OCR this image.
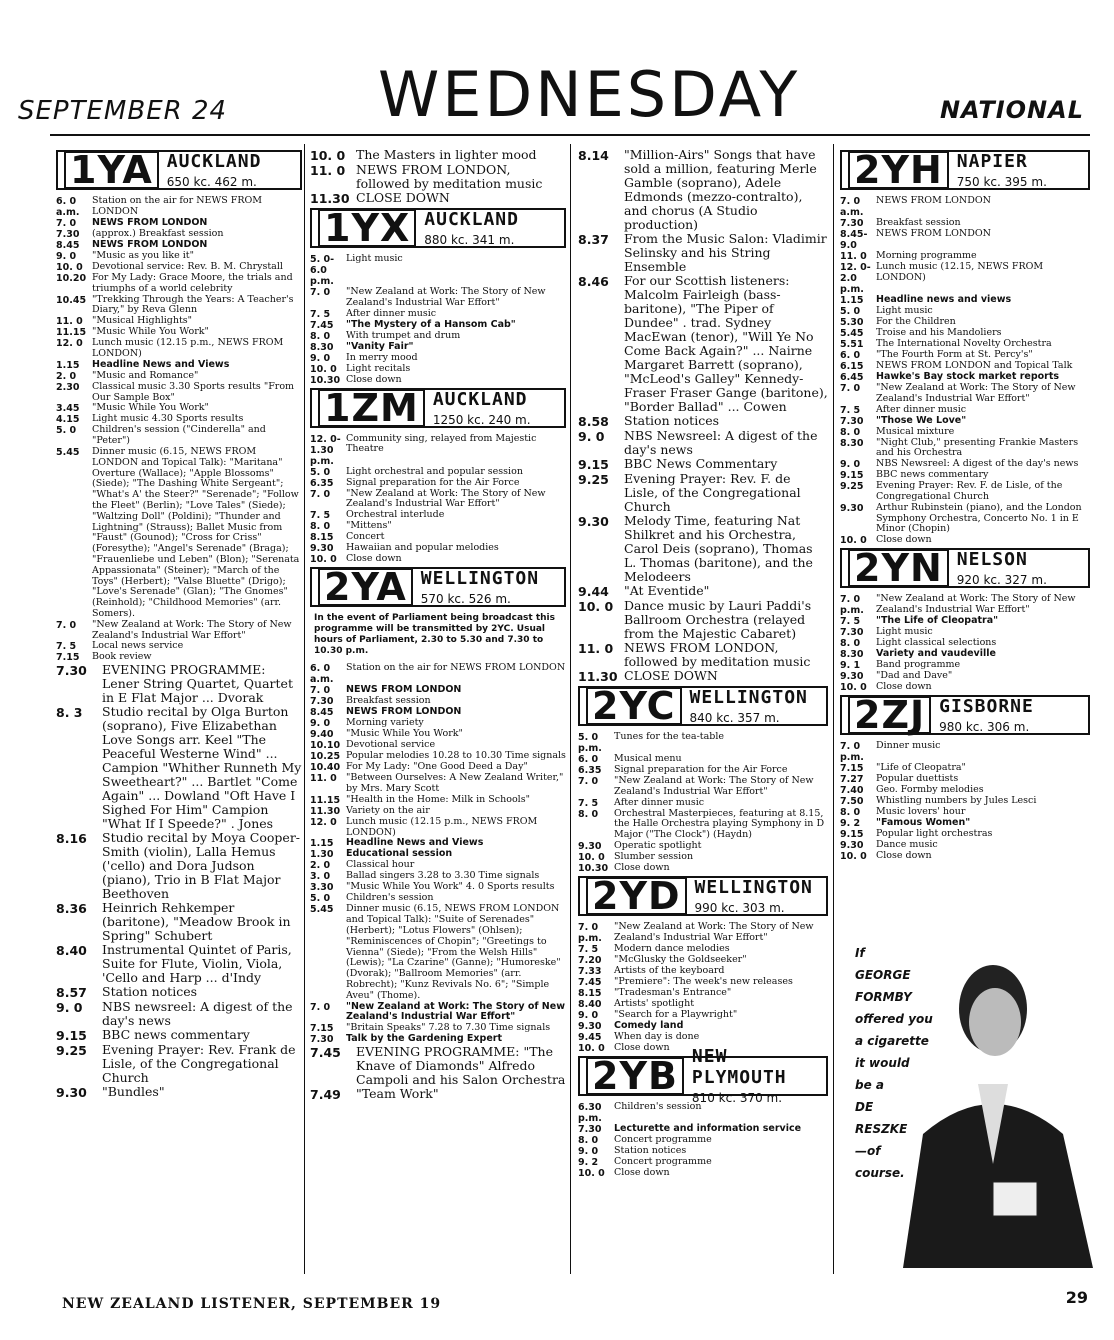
SEPTEMBER 24 WEDNESDAY	NATIONAL
1YA AUCKLAND
650 kc. 462 m.
6. 0 a.m.
Station on the air for NEWS FROM LONDON
7. 0	NEWS FROM LONDON
7.30	(approx.) Breakfast session
8.45	NEWS FROM LONDON
9. 0	"Music as you like it"
10. 0 Devotional service: Rev. B. M. Chrystall
10.20 For My Lady: Grace Moore, the trials and triumphs of a world celebrity
10.45 "Trekking Through the Years: A Teacher's Diary," by Reva Glenn
11. 0 "Musical Highlights"
11.15 "Music While You Work"
12. 0 Lunch music (12.15 p.m., NEWS FROM LONDON)
1.15	Headline News and Views
2. 0	"Music and Romance"
2.30	Classical music 3.30 Sports results "From Our Sample Box"
3.45	"Music While You Work"
4.15	Light music 4.30 Sports results
5. 0	Children's session ("Cinderella" and "Peter")
5.45	Dinner music (6.15, NEWS FROM LONDON and Topical Talk): "Maritana" Overture (Wallace); "Apple Blossoms" (Siede); "The Dashing White Sergeant"; "What's A' the Steer?" "Serenade"; "Follow the Fleet" (Berlin); "Love Tales" (Siede); "Waltzing Doll" (Poldini); "Thunder and Lightning" (Strauss); Ballet Music from "Faust" (Gounod); "Cross for Criss" (Foresythe); "Angel's Serenade" (Braga); "Frauenliebe und Leben" (Blon); "Serenata Appassionata" (Steiner); "March of the Toys" (Herbert); "Valse Bluette" (Drigo); "Love's Serenade" (Glan); "The Gnomes" (Reinhold); "Childhood Memories" (arr. Somers).
7. 0	"New Zealand at Work: The Story of New Zealand's Industrial War Effort"
7. 5	Local news service
7.15	Book review
7.30	EVENING PROGRAMME: Lener String Quartet, Quartet in E Flat Major ... Dvorak
8. 3	Studio recital by Olga Burton (soprano), Five Elizabethan Love Songs arr. Keel "The Peaceful Westerne Wind" ... Campion "Whither Runneth My Sweetheart?" ... Bartlet "Come Again" ... Dowland "Oft Have I Sighed For Him" Campion "What If I Speede?" . Jones
8.16	Studio recital by Moya Cooper-Smith (violin), Lalla Hemus ('cello) and Dora Judson (piano), Trio in B Flat Major Beethoven
8.36	Heinrich Rehkemper (baritone), "Meadow Brook in Spring" Schubert
8.40	Instrumental Quintet of Paris, Suite for Flute, Violin, Viola, 'Cello and Harp ... d'Indy
8.57	Station notices
9. 0	NBS newsreel: A digest of the day's news
9.15	BBC news commentary
9.25	Evening Prayer: Rev. Frank de Lisle, of the Congregational Church
9.30	"Bundles"
10. 0 The Masters in lighter mood
11. 0 NEWS FROM LONDON, followed by meditation music
11.30 CLOSE DOWN
1YX AUCKLAND
880 kc. 341 m.
5. 0-6.0 p.m.
Light music
7. 0	"New Zealand at Work: The Story of New Zealand's Industrial War Effort"
7. 5	After dinner music
7.45	"The Mystery of a Hansom Cab"
8. 0	With trumpet and drum
8.30	"Vanity Fair"
9. 0	In merry mood
10. 0 Light recitals
10.30 Close down
1ZM AUCKLAND
1250 kc. 240 m.
12. 0-1.30 p.m.
Community sing, relayed from Majestic Theatre
5. 0	Light orchestral and popular session
6.35	Signal preparation for the Air Force
7. 0	"New Zealand at Work: The Story of New Zealand's Industrial War Effort"
7. 5	Orchestral interlude
8. 0	"Mittens"
8.15	Concert
9.30	Hawaiian and popular melodies
10. 0 Close down
2YA WELLINGTON
570 kc. 526 m.
In the event of Parliament being broadcast this programme will be transmitted by 2YC. Usual hours of Parliament, 2.30 to 5.30 and 7.30 to 10.30 p.m.
6. 0 a.m.
Station on the air for NEWS FROM LONDON
7. 0	NEWS FROM LONDON
7.30	Breakfast session
8.45	NEWS FROM LONDON
9. 0	Morning variety
9.40	"Music While You Work"
10.10 Devotional service
10.25 Popular melodies 10.28 to 10.30 Time signals
10.40 For My Lady: "One Good Deed a Day"
11. 0 "Between Ourselves: A New Zealand Writer," by Mrs. Mary Scott
11.15 "Health in the Home: Milk in Schools"
11.30 Variety on the air
12. 0 Lunch music (12.15 p.m., NEWS FROM LONDON)
1.15	Headline News and Views
1.30	Educational session
2. 0	Classical hour
3. 0	Ballad singers 3.28 to 3.30 Time signals
3.30	"Music While You Work" 4. 0 Sports results
5. 0	Children's session
5.45	Dinner music (6.15, NEWS FROM LONDON and Topical Talk): "Suite of Serenades" (Herbert); "Lotus Flowers" (Ohlsen); "Reminiscences of Chopin"; "Greetings to Vienna" (Siede); "From the Welsh Hills" (Lewis); "La Czarine" (Ganne); "Humoreske" (Dvorak); "Ballroom Memories" (arr. Robrecht); "Kunz Revivals No. 6"; "Simple Aveu" (Thome).
7. 0	"New Zealand at Work: The Story of New Zealand's Industrial War Effort"
7.15	"Britain Speaks" 7.28 to 7.30 Time signals
7.30	Talk by the Gardening Expert
7.45	EVENING PROGRAMME: "The Knave of Diamonds" Alfredo Campoli and his Salon Orchestra
7.49	"Team Work"
8.14	"Million-Airs" Songs that have sold a million, featuring Merle Gamble (soprano), Adele Edmonds (mezzo-contralto), and chorus (A Studio production)
8.37	From the Music Salon: Vladimir Selinsky and his String Ensemble
8.46	For our Scottish listeners: Malcolm Fairleigh (bass-baritone), "The Piper of Dundee" . trad. Sydney MacEwan (tenor), "Will Ye No Come Back Again?" ... Nairne Margaret Barrett (soprano), "McLeod's Galley" Kennedy-Fraser Fraser Gange (baritone), "Border Ballad" ... Cowen
8.58	Station notices
9. 0	NBS Newsreel: A digest of the day's news
9.15	BBC News Commentary
9.25	Evening Prayer: Rev. F. de Lisle, of the Congregational Church
9.30	Melody Time, featuring Nat Shilkret and his Orchestra, Carol Deis (soprano), Thomas L. Thomas (baritone), and the Melodeers
9.44	"At Eventide"
10. 0 Dance music by Lauri Paddi's Ballroom Orchestra (relayed from the Majestic Cabaret)
11. 0 NEWS FROM LONDON, followed by meditation music
11.30 CLOSE DOWN
2YC WELLINGTON
840 kc. 357 m.
5. 0 p.m.
Tunes for the tea-table
6. 0	Musical menu
6.35	Signal preparation for the Air Force
7. 0	"New Zealand at Work: The Story of New Zealand's Industrial War Effort"
7. 5	After dinner music
8. 0	Orchestral Masterpieces, featuring at 8.15, the Halle Orchestra playing Symphony in D Major ("The Clock") (Haydn)
9.30	Operatic spotlight
10. 0 Slumber session
10.30 Close down
2YD WELLINGTON
990 kc. 303 m.
7. 0 p.m.
"New Zealand at Work: The Story of New Zealand's Industrial War Effort"
7. 5	Modern dance melodies
7.20	"McGlusky the Goldseeker"
7.33	Artists of the keyboard
7.45	"Premiere": The week's new releases
8.15	"Tradesman's Entrance"
8.40	Artists' spotlight
9. 0	"Search for a Playwright"
9.30	Comedy land
9.45	When day is done
10. 0 Close down
2YB NEW PLYMOUTH
810 kc. 370 m.
6.30 p.m.
Children's session
7.30	Lecturette and information service
8. 0	Concert programme
9. 0	Station notices
9. 2	Concert programme
10. 0 Close down
2YH NAPIER
750 kc. 395 m.
7. 0 a.m.
NEWS FROM LONDON
7.30	Breakfast session
8.45-9.0
NEWS FROM LONDON
11. 0 Morning programme
12. 0-2.0 p.m.
Lunch music (12.15, NEWS FROM LONDON)
1.15	Headline news and views
5. 0	Light music
5.30	For the Children
5.45	Troise and his Mandoliers
5.51	The International Novelty Orchestra
6. 0	"The Fourth Form at St. Percy's"
6.15	NEWS FROM LONDON and Topical Talk
6.45	Hawke's Bay stock market reports
7. 0	"New Zealand at Work: The Story of New Zealand's Industrial War Effort"
7. 5	After dinner music
7.30	"Those We Love"
8. 0	Musical mixture
8.30	"Night Club," presenting Frankie Masters and his Orchestra
9. 0	NBS Newsreel: A digest of the day's news
9.15	BBC news commentary
9.25	Evening Prayer: Rev. F. de Lisle, of the Congregational Church
9.30	Arthur Rubinstein (piano), and the London Symphony Orchestra, Concerto No. 1 in E Minor (Chopin)
10. 0 Close down
2YN NELSON
920 kc. 327 m.
7. 0 p.m.
"New Zealand at Work: The Story of New Zealand's Industrial War Effort"
7. 5	"The Life of Cleopatra"
7.30	Light music
8. 0	Light classical selections
8.30	Variety and vaudeville
9. 1	Band programme
9.30	"Dad and Dave"
10. 0 Close down
2ZJ GISBORNE
980 kc. 306 m.
7. 0 p.m.
Dinner music
7.15	"Life of Cleopatra"
7.27	Popular duettists
7.40	Geo. Formby melodies
7.50	Whistling numbers by Jules Lesci
8. 0	Music lovers' hour
9. 2	"Famous Women"
9.15	Popular light orchestras
9.30	Dance music
10. 0 Close down
If
GEORGE
FORMBY
offered you
a cigarette
it would
be a
DE
RESZKE
—of
course.
NEW ZEALAND LISTENER, SEPTEMBER 19	29
